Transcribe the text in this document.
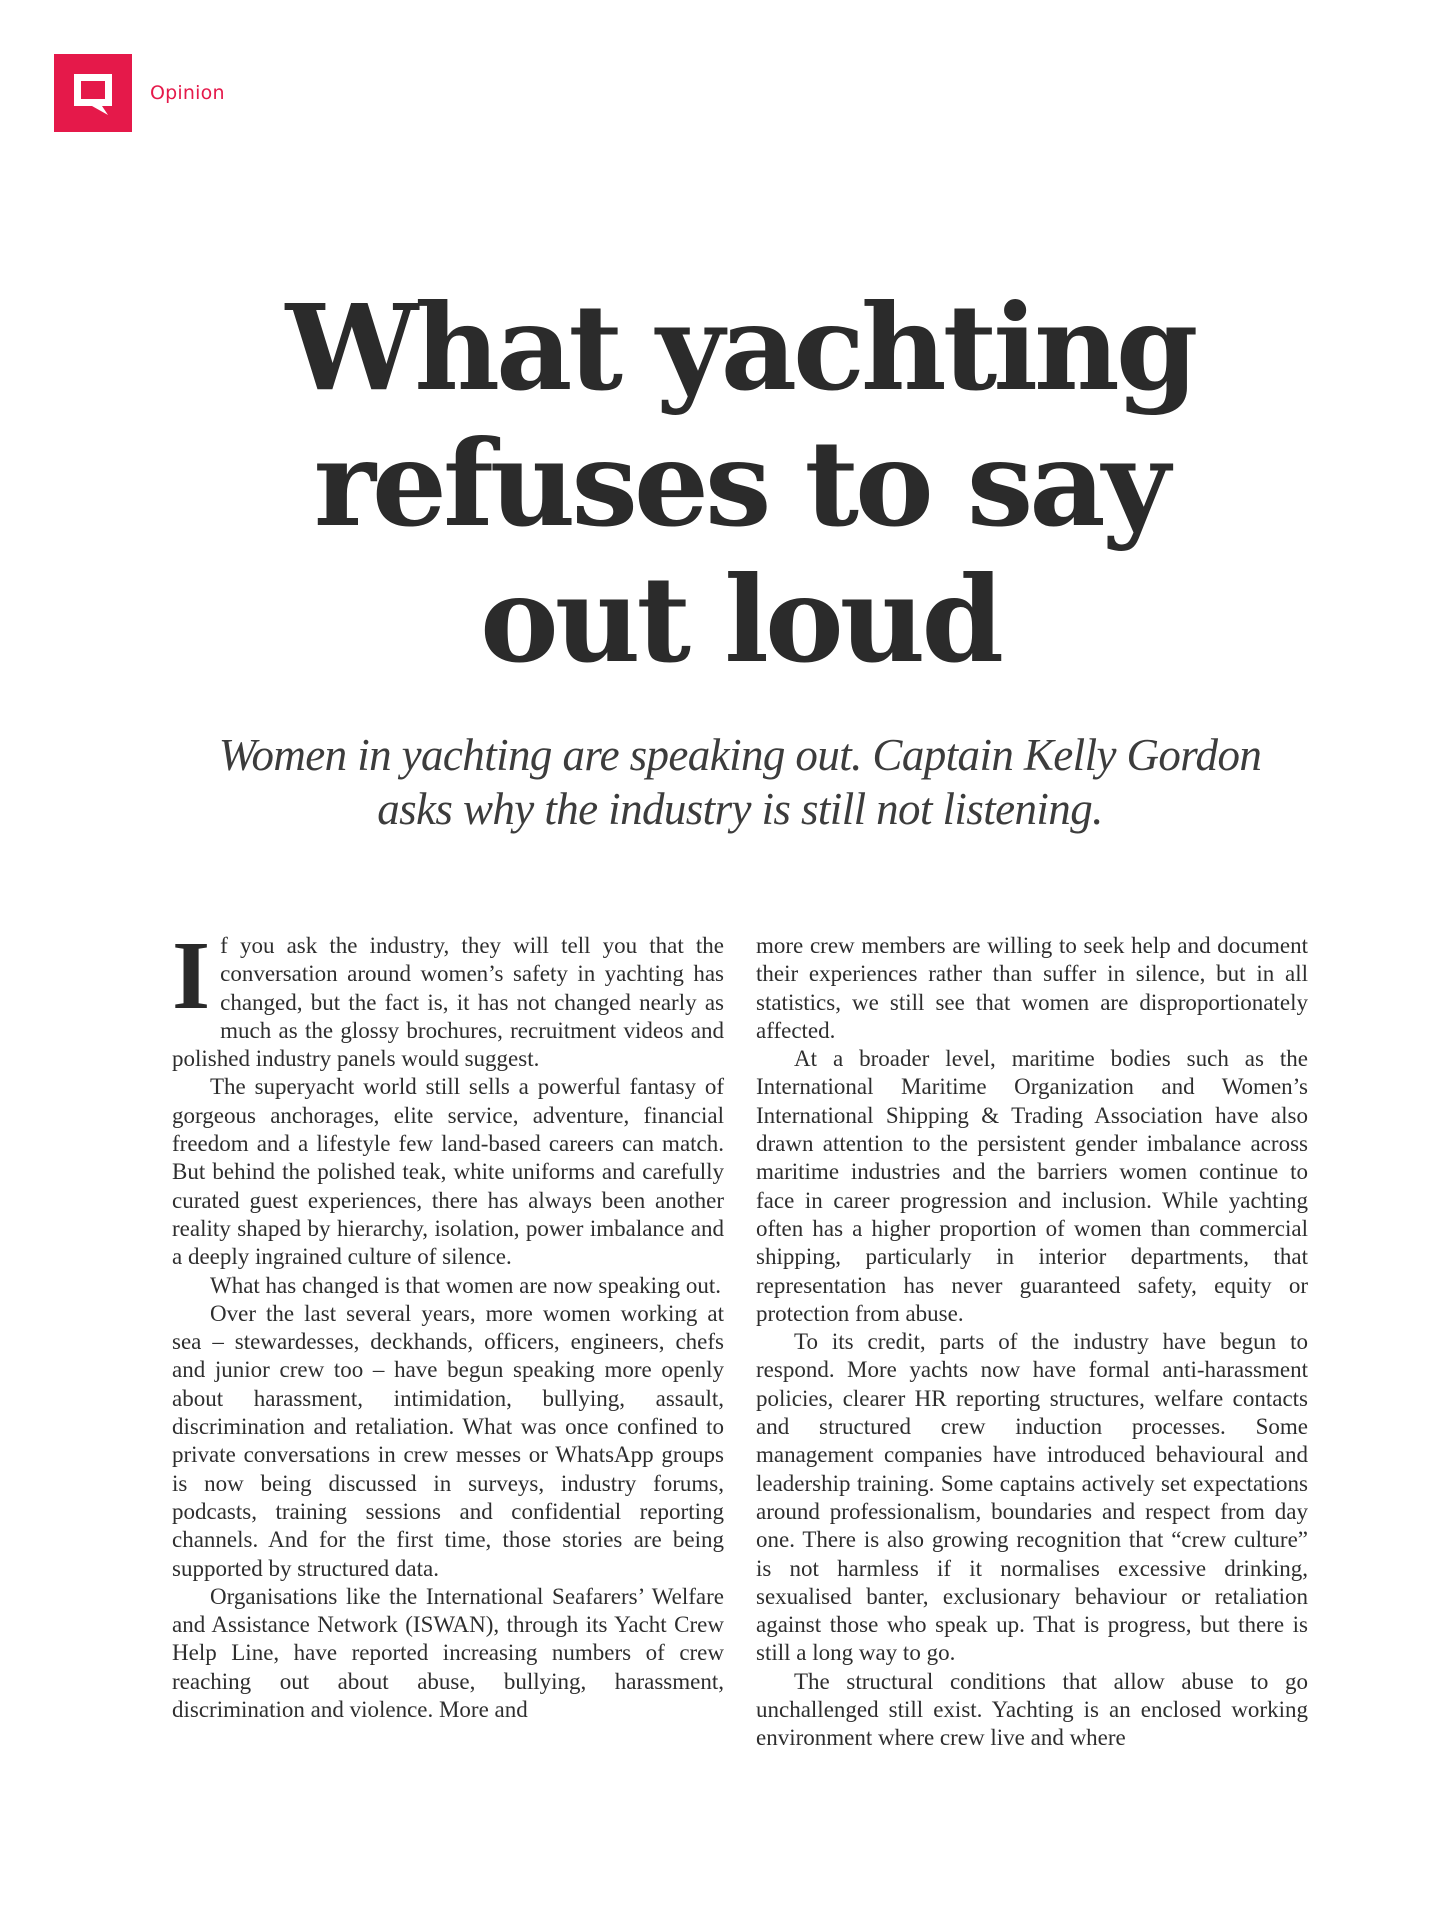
Opinion
What yachting
refuses to say
out loud

Women in yachting are speaking out. Captain Kelly Gordon
asks why the industry is still not listening.

If you ask the industry, they will tell you that the conversation around women’s safety in yachting has changed, but the fact is, it has not changed nearly as much as the glossy brochures, recruitment videos and polished industry panels would suggest.

The superyacht world still sells a powerful fantasy of gorgeous anchorages, elite service, adventure, financial freedom and a lifestyle few land-based careers can match. But behind the polished teak, white uniforms and carefully curated guest experiences, there has always been another reality shaped by hierarchy, isolation, power imbalance and a deeply ingrained culture of silence.

What has changed is that women are now speaking out.

Over the last several years, more women working at sea – stewardesses, deckhands, officers, engineers, chefs and junior crew too – have begun speaking more openly about harassment, intimidation, bullying, assault, discrimination and retaliation. What was once confined to private conversations in crew messes or WhatsApp groups is now being discussed in surveys, industry forums, podcasts, training sessions and confidential reporting channels. And for the first time, those stories are being supported by structured data.

Organisations like the International Seafarers’ Welfare and Assistance Network (ISWAN), through its Yacht Crew Help Line, have reported increasing numbers of crew reaching out about abuse, bullying, harassment, discrimination and violence. More and

more crew members are willing to seek help and document their experiences rather than suffer in silence, but in all statistics, we still see that women are disproportionately affected.

At a broader level, maritime bodies such as the International Maritime Organization and Women’s International Shipping & Trading Association have also drawn attention to the persistent gender imbalance across maritime industries and the barriers women continue to face in career progression and inclusion. While yachting often has a higher proportion of women than commercial shipping, particularly in interior departments, that representation has never guaranteed safety, equity or protection from abuse.

To its credit, parts of the industry have begun to respond. More yachts now have formal anti-harassment policies, clearer HR reporting structures, welfare contacts and structured crew induction processes. Some management companies have introduced behavioural and leadership training. Some captains actively set expectations around professionalism, boundaries and respect from day one. There is also growing recognition that “crew culture” is not harmless if it normalises excessive drinking, sexualised banter, exclusionary behaviour or retaliation against those who speak up. That is progress, but there is still a long way to go.

The structural conditions that allow abuse to go unchallenged still exist. Yachting is an enclosed working environment where crew live and where
